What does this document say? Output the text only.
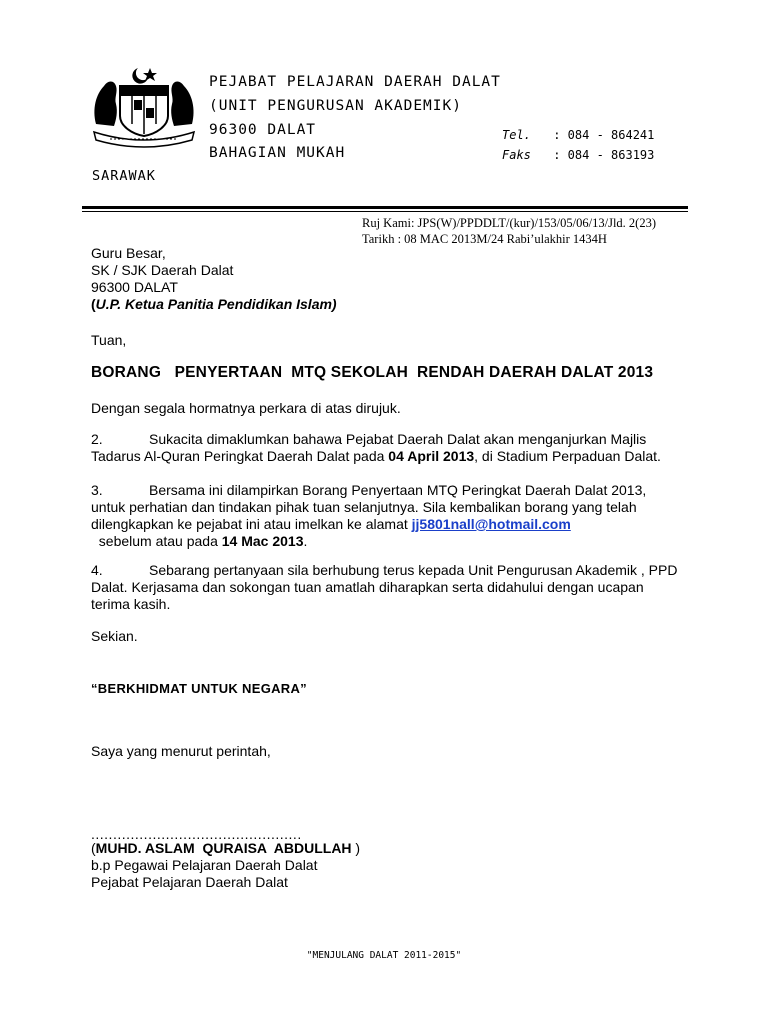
PEJABAT PELAJARAN DAERAH DALAT
(UNIT PENGURUSAN AKADEMIK)
96300 DALAT
BAHAGIAN MUKAH
SARAWAK
Tel. : 084 - 864241
Faks : 084 - 863193
Ruj Kami: JPS(W)/PPDDLT/(kur)/153/05/06/13/Jld. 2(23)
Tarikh : 08 MAC 2013M/24 Rabi’ulakhir 1434H
Guru Besar,
SK / SJK Daerah Dalat
96300 DALAT
(U.P. Ketua Panitia Pendidikan Islam)
Tuan,
BORANG   PENYERTAAN  MTQ SEKOLAH  RENDAH DAERAH DALAT 2013
Dengan segala hormatnya perkara di atas dirujuk.
2.	Sukacita dimaklumkan bahawa Pejabat Daerah Dalat akan menganjurkan Majlis Tadarus Al-Quran Peringkat Daerah Dalat pada 04 April 2013, di Stadium Perpaduan Dalat.
3.	Bersama ini dilampirkan Borang Penyertaan MTQ Peringkat Daerah Dalat 2013, untuk perhatian dan tindakan pihak tuan selanjutnya. Sila kembalikan borang yang telah dilengkapkan ke pejabat ini atau imelkan ke alamat jj5801nall@hotmail.com  sebelum atau pada 14 Mac 2013.
4.	Sebarang pertanyaan sila berhubung terus kepada Unit Pengurusan Akademik , PPD Dalat. Kerjasama dan sokongan tuan amatlah diharapkan serta didahului dengan ucapan terima kasih.
Sekian.
“BERKHIDMAT UNTUK NEGARA”
Saya yang menurut perintah,
................................................
(MUHD. ASLAM  QURAISA  ABDULLAH )
b.p Pegawai Pelajaran Daerah Dalat
Pejabat Pelajaran Daerah Dalat
"MENJULANG DALAT 2011-2015"
